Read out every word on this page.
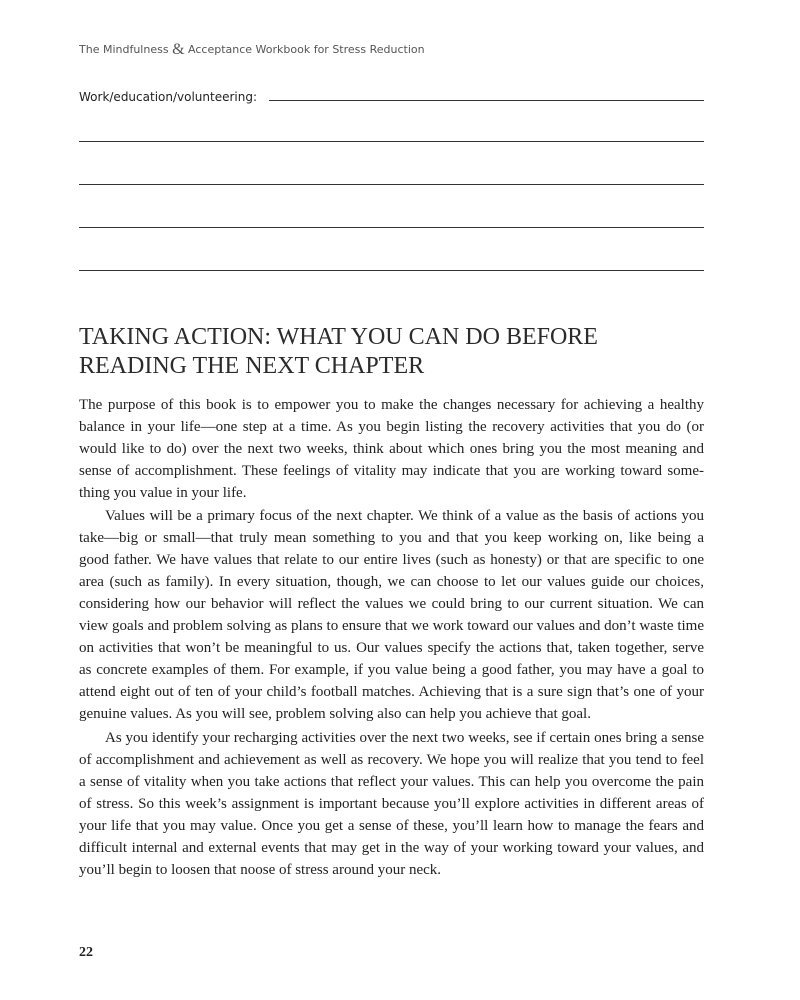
The Mindfulness & Acceptance Workbook for Stress Reduction
Work/education/volunteering:
TAKING ACTION: WHAT YOU CAN DO BEFORE
READING THE NEXT CHAPTER
The purpose of this book is to empower you to make the changes necessary for achieving a healthy
balance in your life—one step at a time. As you begin listing the recovery activities that you do (or
would like to do) over the next two weeks, think about which ones bring you the most meaning and
sense of accomplishment. These feelings of vitality may indicate that you are working toward some-
thing you value in your life.
Values will be a primary focus of the next chapter. We think of a value as the basis of actions you
take—big or small—that truly mean something to you and that you keep working on, like being a
good father. We have values that relate to our entire lives (such as honesty) or that are specific to one
area (such as family). In every situation, though, we can choose to let our values guide our choices,
considering how our behavior will reflect the values we could bring to our current situation. We can
view goals and problem solving as plans to ensure that we work toward our values and don’t waste time
on activities that won’t be meaningful to us. Our values specify the actions that, taken together, serve
as concrete examples of them. For example, if you value being a good father, you may have a goal to
attend eight out of ten of your child’s football matches. Achieving that is a sure sign that’s one of your
genuine values. As you will see, problem solving also can help you achieve that goal.
As you identify your recharging activities over the next two weeks, see if certain ones bring a sense
of accomplishment and achievement as well as recovery. We hope you will realize that you tend to feel
a sense of vitality when you take actions that reflect your values. This can help you overcome the pain
of stress. So this week’s assignment is important because you’ll explore activities in different areas of
your life that you may value. Once you get a sense of these, you’ll learn how to manage the fears and
difficult internal and external events that may get in the way of your working toward your values, and
you’ll begin to loosen that noose of stress around your neck.
22
